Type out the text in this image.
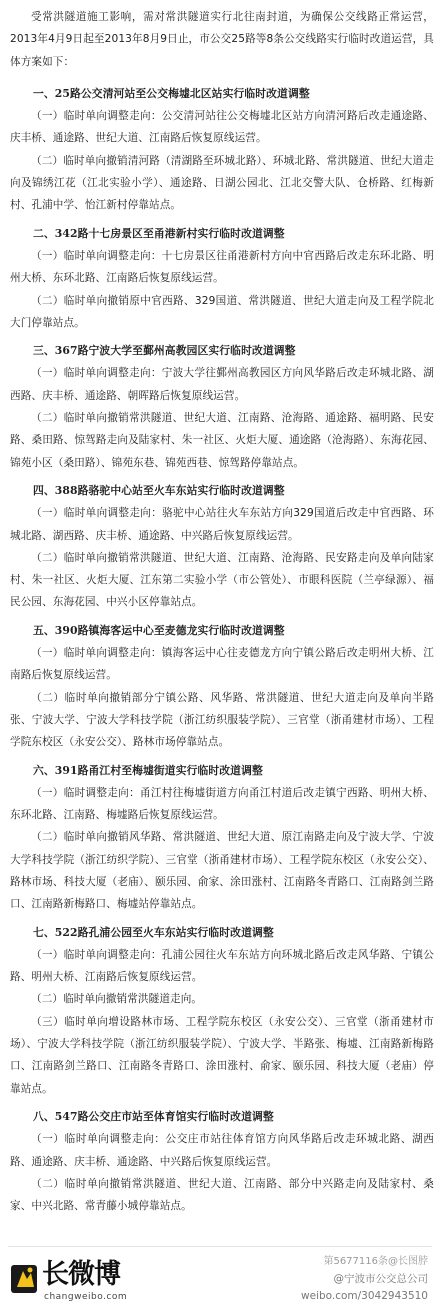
受常洪隧道施工影响，需对常洪隧道实行北往南封道，为确保公交线路正常运营，2013年4月9日起至2013年8月9日止，市公交25路等8条公交线路实行临时改道运营，具体方案如下：

一、25路公交清河站至公交梅墟北区站实行临时改道调整

（一）临时单向调整走向：公交清河站往公交梅墟北区站方向清河路后改走通途路、庆丰桥、通途路、世纪大道、江南路后恢复原线运营。

（二）临时单向撤销清河路（清湖路至环城北路）、环城北路、常洪隧道、世纪大道走向及锦绣江花（江北实验小学）、通途路、日湖公园北、江北交警大队、仓桥路、红梅新村、孔浦中学、怡江新村停靠站点。

二、342路十七房景区至甬港新村实行临时改道调整

（一）临时单向调整走向：十七房景区往甬港新村方向中官西路后改走东环北路、明州大桥、东环北路、江南路后恢复原线运营。

（二）临时单向撤销原中官西路、329国道、常洪隧道、世纪大道走向及工程学院北大门停靠站点。

三、367路宁波大学至鄞州高教园区实行临时改道调整

（一）临时单向调整走向：宁波大学往鄞州高教园区方向风华路后改走环城北路、湖西路、庆丰桥、通途路、朝晖路后恢复原线运营。

（二）临时单向撤销常洪隧道、世纪大道、江南路、沧海路、通途路、福明路、民安路、桑田路、惊驾路走向及陆家村、朱一社区、火炬大厦、通途路（沧海路）、东海花园、锦苑小区（桑田路）、锦苑东巷、锦苑西巷、惊驾路停靠站点。

四、388路骆驼中心站至火车东站实行临时改道调整

（一）临时单向调整走向：骆驼中心站往火车东站方向329国道后改走中官西路、环城北路、湖西路、庆丰桥、通途路、中兴路后恢复原线运营。

（二）临时单向撤销常洪隧道、世纪大道、江南路、沧海路、民安路走向及单向陆家村、朱一社区、火炬大厦、江东第二实验小学（市公管处）、市眼科医院（兰亭绿源）、福民公园、东海花园、中兴小区停靠站点。

五、390路镇海客运中心至麦德龙实行临时改道调整

（一）临时单向调整走向：镇海客运中心往麦德龙方向宁镇公路后改走明州大桥、江南路后恢复原线运营。

（二）临时单向撤销部分宁镇公路、风华路、常洪隧道、世纪大道走向及单向半路张、宁波大学、宁波大学科技学院（浙江纺织服装学院）、三官堂（浙甬建材市场）、工程学院东校区（永安公交）、路林市场停靠站点。

六、391路甬江村至梅墟街道实行临时改道调整

（一）临时调整走向：甬江村往梅墟街道方向甬江村道后改走镇宁西路、明州大桥、东环北路、江南路、梅墟路后恢复原线运营。

（二）临时单向撤销风华路、常洪隧道、世纪大道、原江南路走向及宁波大学、宁波大学科技学院（浙江纺织学院）、三官堂（浙甬建材市场）、工程学院东校区（永安公交）、路林市场、科技大厦（老庙）、颐乐园、俞家、涂田涨村、江南路冬青路口、江南路剑兰路口、江南路新梅路口、梅墟站停靠站点。

七、522路孔浦公园至火车东站实行临时改道调整

（一）临时单向调整走向：孔浦公园往火车东站方向环城北路后改走风华路、宁镇公路、明州大桥、江南路后恢复原线运营。

（二）临时单向撤销常洪隧道走向。

（三）临时单向增设路林市场、工程学院东校区（永安公交）、三官堂（浙甬建材市场）、宁波大学科技学院（浙江纺织服装学院）、宁波大学、半路张、梅墟、江南路新梅路口、江南路剑兰路口、江南路冬青路口、涂田涨村、俞家、颐乐园、科技大厦（老庙）停靠站点。

八、547路公交庄市站至体育馆实行临时改道调整

（一）临时单向调整走向：公交庄市站往体育馆方向风华路后改走环城北路、湖西路、通途路、庆丰桥、通途路、中兴路后恢复原线运营。

（二）临时单向撤销常洪隧道、世纪大道、江南路、部分中兴路走向及陆家村、桑家、中兴北路、常青藤小城停靠站点。

长微博
changweibo.com
第5677116条@长图脖
@宁波市公交总公司
weibo.com/3042943510
